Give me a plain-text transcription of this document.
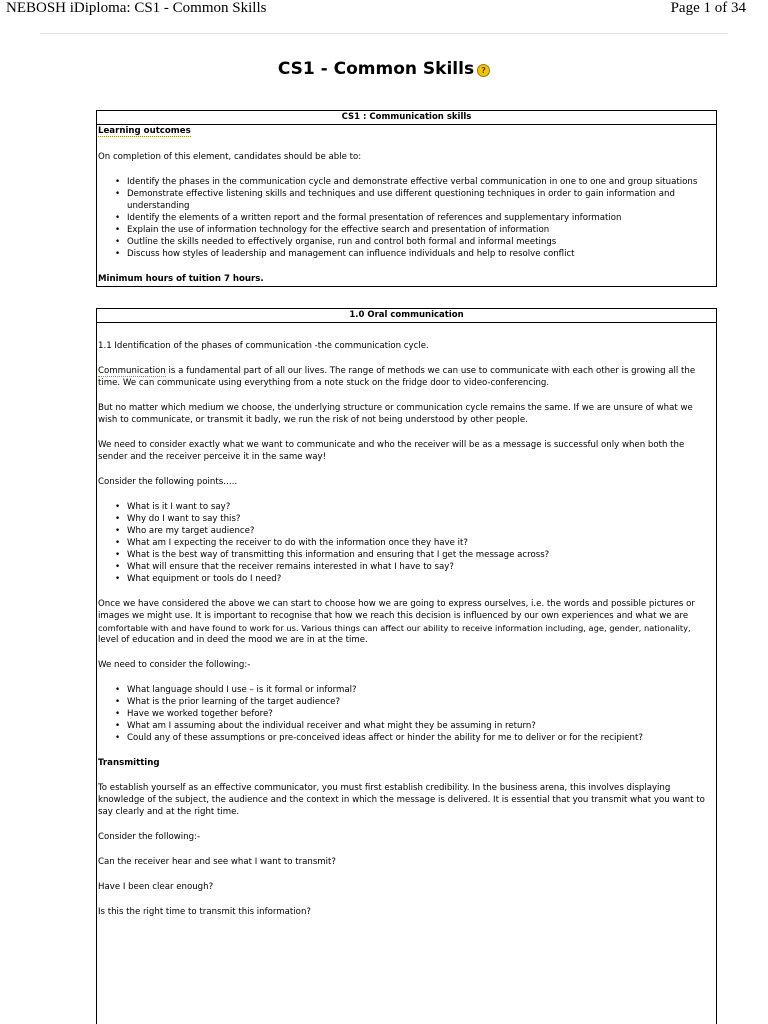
NEBOSH iDiploma: CS1 - Common Skills	Page 1 of 34
CS1 - Common Skills ?
CS1 : Communication skills
Learning outcomes
On completion of this element, candidates should be able to:
• Identify the phases in the communication cycle and demonstrate effective verbal communication in one to one and group situations
• Demonstrate effective listening skills and techniques and use different questioning techniques in order to gain information and
understanding
• Identify the elements of a written report and the formal presentation of references and supplementary information
• Explain the use of information technology for the effective search and presentation of information
• Outline the skills needed to effectively organise, run and control both formal and informal meetings
• Discuss how styles of leadership and management can influence individuals and help to resolve conflict
Minimum hours of tuition 7 hours.
1.0 Oral communication
1.1 Identification of the phases of communication -the communication cycle.
Communication is a fundamental part of all our lives. The range of methods we can use to communicate with each other is growing all the
time. We can communicate using everything from a note stuck on the fridge door to video-conferencing.
But no matter which medium we choose, the underlying structure or communication cycle remains the same. If we are unsure of what we
wish to communicate, or transmit it badly, we run the risk of not being understood by other people.
We need to consider exactly what we want to communicate and who the receiver will be as a message is successful only when both the
sender and the receiver perceive it in the same way!
Consider the following points…..
• What is it I want to say?
• Why do I want to say this?
• Who are my target audience?
• What am I expecting the receiver to do with the information once they have it?
• What is the best way of transmitting this information and ensuring that I get the message across?
• What will ensure that the receiver remains interested in what I have to say?
• What equipment or tools do I need?
Once we have considered the above we can start to choose how we are going to express ourselves, i.e. the words and possible pictures or
images we might use. It is important to recognise that how we reach this decision is influenced by our own experiences and what we are
comfortable with and have found to work for us. Various things can affect our ability to receive information including, age, gender, nationality,
level of education and in deed the mood we are in at the time.
We need to consider the following:-
• What language should I use – is it formal or informal?
• What is the prior learning of the target audience?
• Have we worked together before?
• What am I assuming about the individual receiver and what might they be assuming in return?
• Could any of these assumptions or pre-conceived ideas affect or hinder the ability for me to deliver or for the recipient?
Transmitting
To establish yourself as an effective communicator, you must first establish credibility. In the business arena, this involves displaying
knowledge of the subject, the audience and the context in which the message is delivered. It is essential that you transmit what you want to
say clearly and at the right time.
Consider the following:-
Can the receiver hear and see what I want to transmit?
Have I been clear enough?
Is this the right time to transmit this information?
